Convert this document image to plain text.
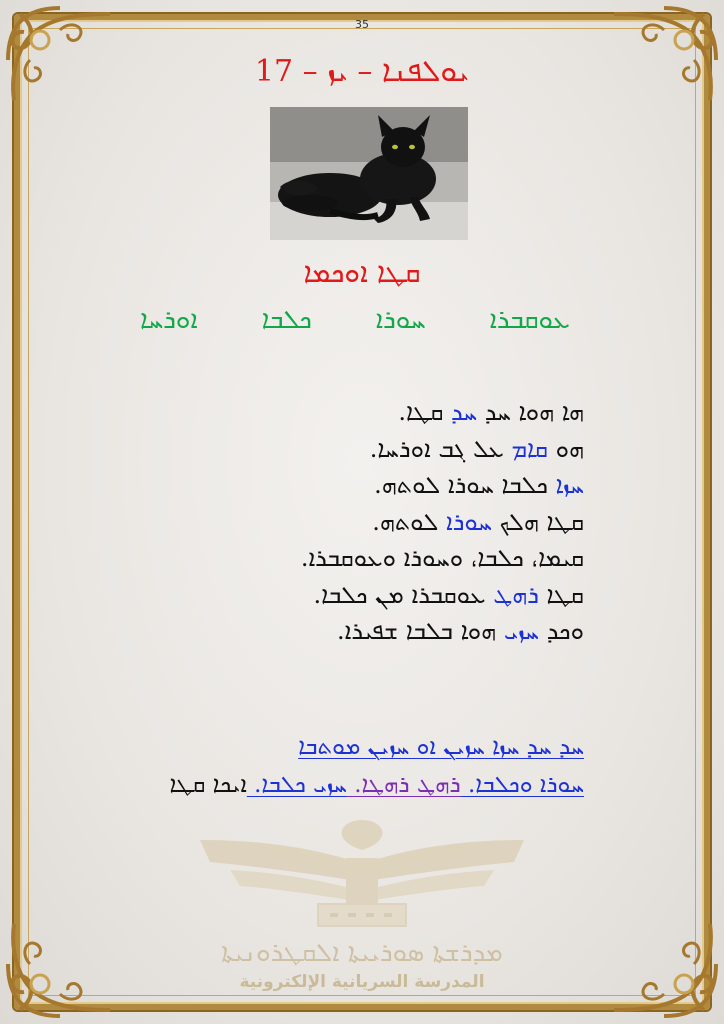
35
ܝܘܠܦܢܐ – ܝܙ – 17
ܩܛܐ ܐܘܟܡܐ
ܐܘܪܚܐ ܟܠܒܐ ܚܘܪܐ ܥܘܩܒܪܐ
ܗܐ ܗܘܐ ܚܕ ܚܕ ܩܛܐ.
ܗܘ ܩܐܡ ܥܠ ܓܒ ܐܘܪܚܐ.
ܚܙܐ ܟܠܒܐ ܚܘܪܐ ܠܘܬܗ.
ܩܛܐ ܗܠܟ ܚܘܪܐ ܠܘܬܗ.
ܩܝܡܐ، ܟܠܒܐ، ܘܚܘܪܐ ܘܥܘܩܒܪܐ.
ܩܛܐ ܪܗܛ ܥܘܩܒܪܐ ܡܢ ܟܠܒܐ.
ܘܟܕ ܚܙܝ ܗܘܐ ܒܠܒܐ ܫܦܝܪܐ.
ܚܕ ܚܕ ܚܙܐ ܚܙܝܢ ܐܘ ܚܙܝܢ ܡܘܬܒܐ
ܚܘܪܐ ܘܟܠܒܐ. ܪܗܛ ܪܗܛܐ. ܚܙܝ ܟܠܒܐ. ܐܝܟܐ ܩܛܐ
ܡܕܪܫܬܐ ܣܘܪܝܝܬܐ ܐܠܩܛܪܘܢܝܬܐ
المدرسة السريانية الإلكترونية
